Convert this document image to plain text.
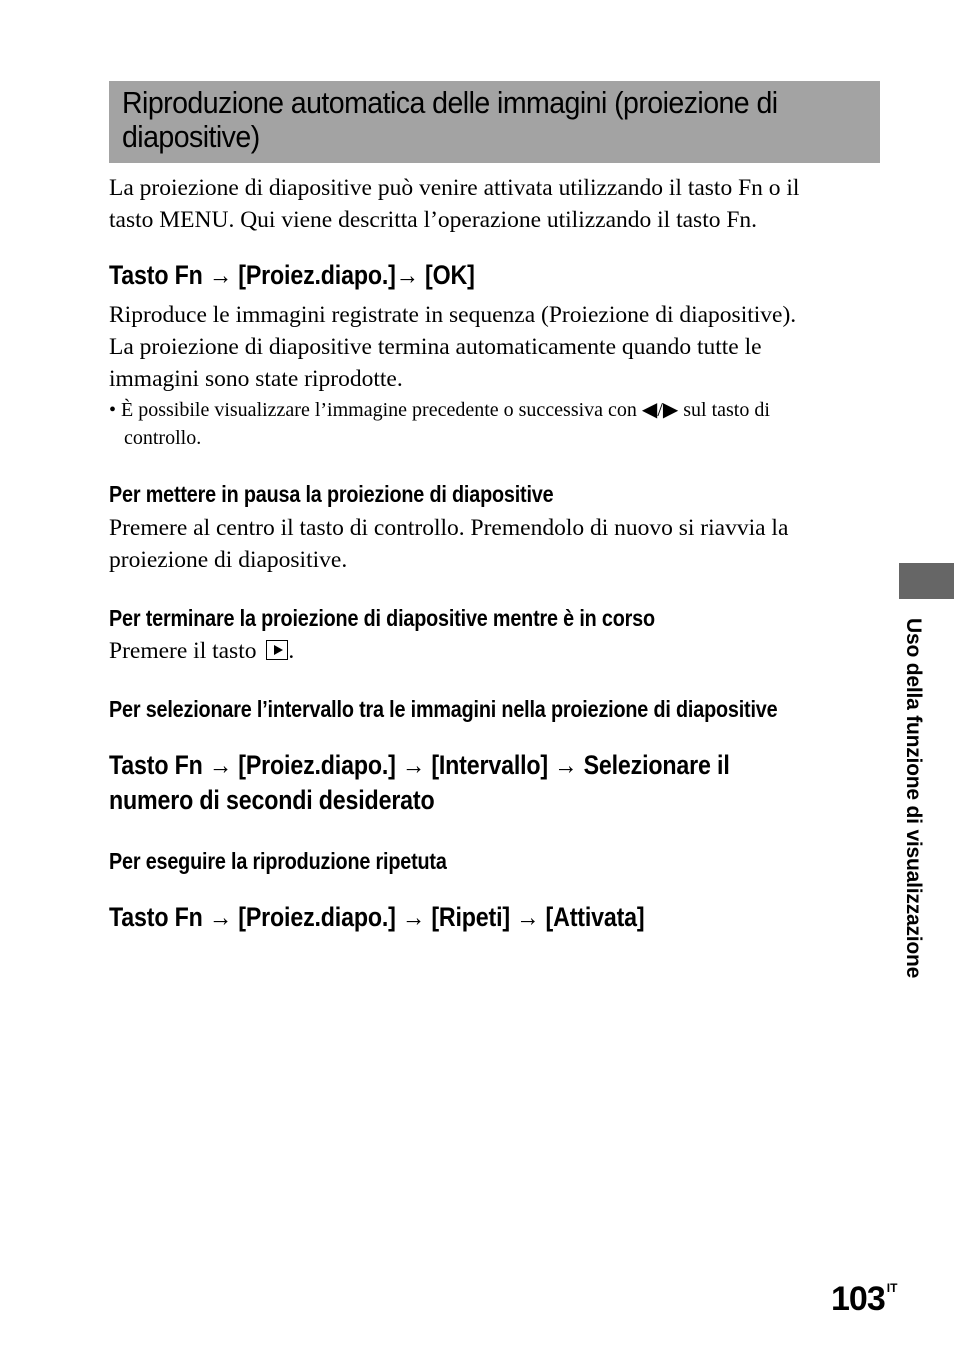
Riproduzione automatica delle immagini (proiezione di
diapositive)
La proiezione di diapositive può venire attivata utilizzando il tasto Fn o il
tasto MENU. Qui viene descritta l’operazione utilizzando il tasto Fn.
Tasto Fn → [Proiez.diapo.]→ [OK]
Riproduce le immagini registrate in sequenza (Proiezione di diapositive).
La proiezione di diapositive termina automaticamente quando tutte le
immagini sono state riprodotte.
• È possibile visualizzare l’immagine precedente o successiva con ◀/▶ sul tasto di
controllo.
Per mettere in pausa la proiezione di diapositive
Premere al centro il tasto di controllo. Premendolo di nuovo si riavvia la
proiezione di diapositive.
Per terminare la proiezione di diapositive mentre è in corso
Premere il tasto .
Per selezionare l’intervallo tra le immagini nella proiezione di diapositive
Tasto Fn → [Proiez.diapo.] → [Intervallo] → Selezionare il
numero di secondi desiderato
Per eseguire la riproduzione ripetuta
Tasto Fn → [Proiez.diapo.] → [Ripeti] → [Attivata]	Uso della funzione di visualizzazione
103 $^{IT}$
